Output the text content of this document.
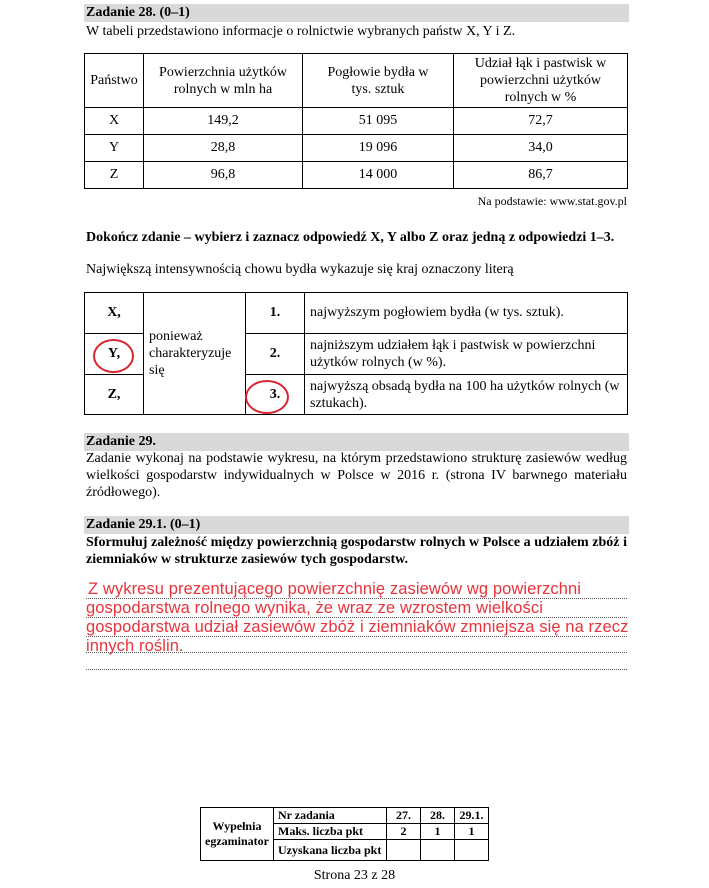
Zadanie 28. (0–1)
W tabeli przedstawiono informacje o rolnictwie wybranych państw X, Y i Z.
Państwo	Powierzchnia użytków rolnych w mln ha	Pogłowie bydła w tys. sztuk	Udział łąk i pastwisk w powierzchni użytków rolnych w %

X	149,2	51 095	72,7
Y	28,8	19 096	34,0
Z	96,8	14 000	86,7
Na podstawie: www.stat.gov.pl
Dokończ zdanie – wybierz i zaznacz odpowiedź X, Y albo Z oraz jedną z odpowiedzi 1–3.
Największą intensywnością chowu bydła wykazuje się kraj oznaczony literą
X,	ponieważ charakteryzuje się	1.	najwyższym pogłowiem bydła (w tys. sztuk).
Y,		2.	najniższym udziałem łąk i pastwisk w powierzchni użytków rolnych (w %).

Z,		3.	najwyższą obsadą bydła na 100 ha użytków rolnych (w sztukach).
Zadanie 29.
Zadanie wykonaj na podstawie wykresu, na którym przedstawiono strukturę zasiewów według wielkości gospodarstw indywidualnych w Polsce w 2016 r. (strona IV barwnego materiału źródłowego).
Zadanie 29.1. (0–1)
Sformułuj zależność między powierzchnią gospodarstw rolnych w Polsce a udziałem zbóż i ziemniaków w strukturze zasiewów tych gospodarstw.
Z wykresu prezentującego powierzchnię zasiewów wg powierzchni
gospodarstwa rolnego wynika, że wraz ze wzrostem wielkości
gospodarstwa udział zasiewów zbóż i ziemniaków zmniejsza się na rzecz
innych roślin.
Wypełnia egzaminator	Nr zadania	27.	28.	29.1.
	Maks. liczba pkt	2	1	1
	Uzyskana liczba pkt			
Strona 23 z 28
